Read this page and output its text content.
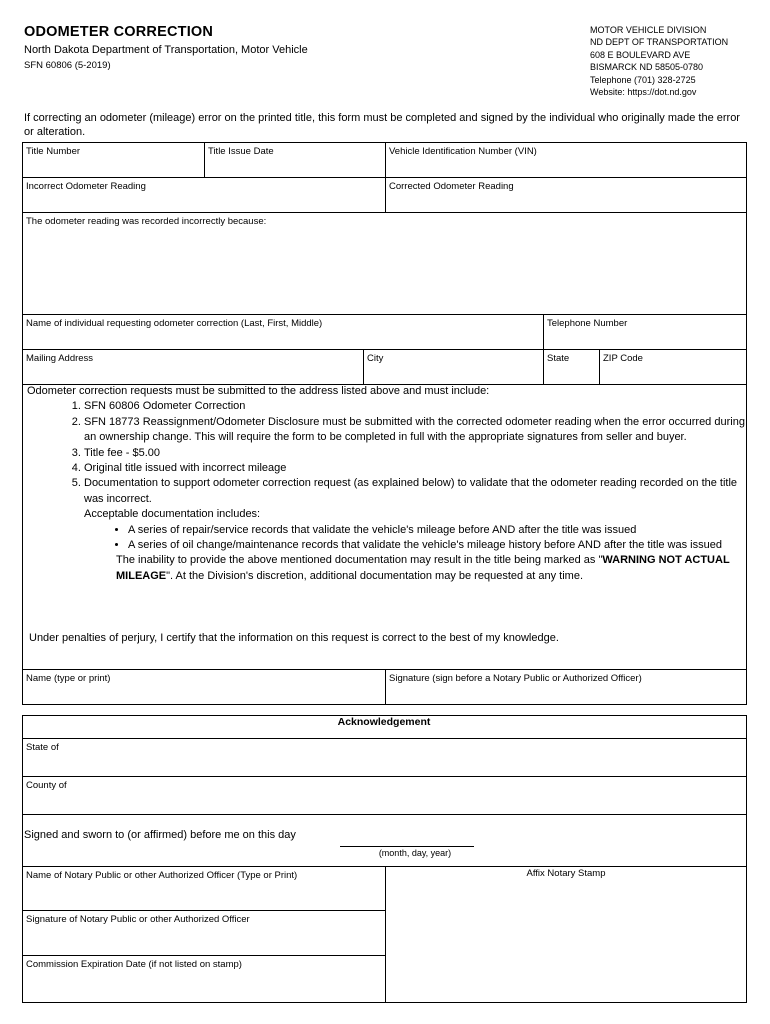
ODOMETER CORRECTION
North Dakota Department of Transportation, Motor Vehicle
SFN 60806 (5-2019)
MOTOR VEHICLE DIVISION
ND DEPT OF TRANSPORTATION
608 E BOULEVARD AVE
BISMARCK ND 58505-0780
Telephone (701) 328-2725
Website: https://dot.nd.gov
If correcting an odometer (mileage) error on the printed title, this form must be completed and signed by the individual who originally made the error or alteration.
Title Number	Title Issue Date	Vehicle Identification Number (VIN)
Incorrect Odometer Reading	Corrected Odometer Reading
The odometer reading was recorded incorrectly because:
Name of individual requesting odometer correction (Last, First, Middle)	Telephone Number
Mailing Address	City	State	ZIP Code
Odometer correction requests must be submitted to the address listed above and must include:
1. SFN 60806 Odometer Correction
2. SFN 18773 Reassignment/Odometer Disclosure must be submitted with the corrected odometer reading when the error occurred during an ownership change. This will require the form to be completed in full with the appropriate signatures from seller and buyer.
3. Title fee - $5.00
4. Original title issued with incorrect mileage
5. Documentation to support odometer correction request (as explained below) to validate that the odometer reading recorded on the title was incorrect.
Acceptable documentation includes:
• A series of repair/service records that validate the vehicle's mileage before AND after the title was issued
• A series of oil change/maintenance records that validate the vehicle's mileage history before AND after the title was issued
The inability to provide the above mentioned documentation may result in the title being marked as "WARNING NOT ACTUAL MILEAGE". At the Division's discretion, additional documentation may be requested at any time.
Under penalties of perjury, I certify that the information on this request is correct to the best of my knowledge.
Name (type or print)	Signature (sign before a Notary Public or Authorized Officer)
Acknowledgement
State of
County of
Signed and sworn to (or affirmed) before me on this day
(month, day, year)
Name of Notary Public or other Authorized Officer (Type or Print)
Signature of Notary Public or other Authorized Officer
Commission Expiration Date (if not listed on stamp)
Affix Notary Stamp
